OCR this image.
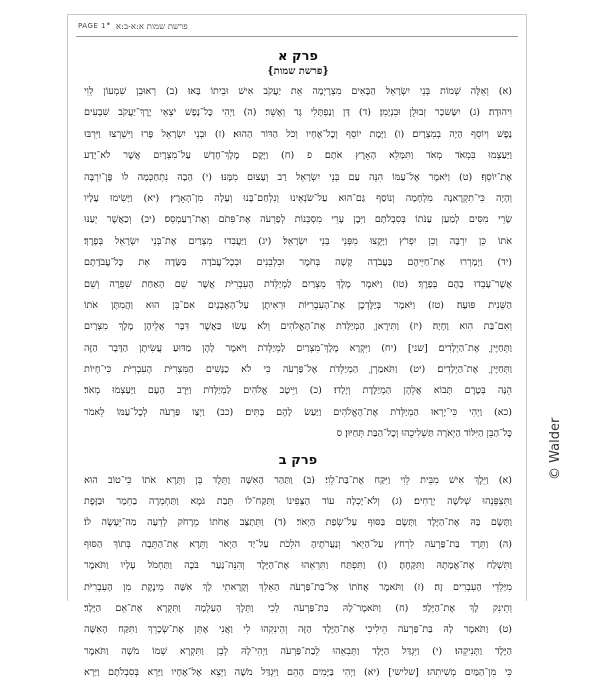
PAGE 1 • פרשת שמות א:א-ב:א
פרק א
{פרשת שמות}
(א) וְאֵלֶּה שְׁמוֹת בְּנֵי יִשְׂרָאֵל הַבָּאִים מִצְרָיְמָה אֵת יַעֲקֹב אִישׁ וּבֵיתוֹ בָּאוּ׃ (ב) רְאוּבֵן שִׁמְעוֹן לֵוִי
וִיהוּדָה׃ (ג) יִשָּׂשכָר זְבוּלֻן וּבִנְיָמִן׃ (ד) דָּן וְנַפְתָּלִי גָּד וְאָשֵׁר׃ (ה) וַיְהִי כׇּל־נֶפֶשׁ יֹצְאֵי יֶרֶךְ־יַעֲקֹב שִׁבְעִים
נָפֶשׁ וְיוֹסֵף הָיָה בְמִצְרָיִם׃ (ו) וַיָּמׇת יוֹסֵף וְכׇל־אֶחָיו וְכֹל הַדּוֹר הַהוּא׃ (ז) וּבְנֵי יִשְׂרָאֵל פָּרוּ וַיִּשְׁרְצוּ וַיִּרְבּוּ
וַיַּעַצְמוּ בִּמְאֹד מְאֹד וַתִּמָּלֵא הָאָרֶץ אֹתָם׃ פ (ח) וַיָּקׇם מֶלֶךְ־חָדָשׁ עַל־מִצְרָיִם אֲשֶׁר לֹא־יָדַע
אֶת־יוֹסֵף׃ (ט) וַיֹּאמֶר אֶל־עַמּוֹ הִנֵּה עַם בְּנֵי יִשְׂרָאֵל רַב וְעָצוּם מִמֶּנּוּ׃ (י) הָבָה נִתְחַכְּמָה לוֹ פֶּן־יִרְבֶּה
וְהָיָה כִּי־תִקְרֶאנָה מִלְחָמָה וְנוֹסַף גַּם־הוּא עַל־שֹׂנְאֵינוּ וְנִלְחַם־בָּנוּ וְעָלָה מִן־הָאָרֶץ׃ (יא) וַיָּשִׂימוּ עָלָיו
שָׂרֵי מִסִּים לְמַעַן עַנֹּתוֹ בְּסִבְלֹתָם וַיִּבֶן עָרֵי מִסְכְּנוֹת לְפַרְעֹה אֶת־פִּתֹם וְאֶת־רַעַמְסֵס׃ (יב) וְכַאֲשֶׁר יְעַנּוּ
אֹתוֹ כֵּן יִרְבֶּה וְכֵן יִפְרֹץ וַיָּקֻצוּ מִפְּנֵי בְּנֵי יִשְׂרָאֵל׃ (יג) וַיַּעֲבִדוּ מִצְרַיִם אֶת־בְּנֵי יִשְׂרָאֵל בְּפָרֶךְ׃
(יד) וַיְמָרְרוּ אֶת־חַיֵּיהֶם בַּעֲבֹדָה קָשָׁה בְּחֹמֶר וּבִלְבֵנִים וּבְכׇל־עֲבֹדָה בַּשָּׂדֶה אֵת כׇּל־עֲבֹדָתָם
אֲשֶׁר־עָבְדוּ בָהֶם בְּפָרֶךְ׃ (טו) וַיֹּאמֶר מֶלֶךְ מִצְרַיִם לַמְיַלְּדֹת הָעִבְרִיֹּת אֲשֶׁר שֵׁם הָאַחַת שִׁפְרָה וְשֵׁם
הַשֵּׁנִית פּוּעָה׃ (טז) וַיֹּאמֶר בְּיַלֶּדְכֶן אֶת־הָעִבְרִיּוֹת וּרְאִיתֶן עַל־הָאׇבְנָיִם אִם־בֵּן הוּא וַהֲמִתֶּן אֹתוֹ
וְאִם־בַּת הִוא וָחָיָה׃ (יז) וַתִּירֶאןָ הַמְיַלְּדֹת אֶת־הָאֱלֹהִים וְלֹא עָשׂוּ כַּאֲשֶׁר דִּבֶּר אֲלֵיהֶן מֶלֶךְ מִצְרָיִם
וַתְּחַיֶּיןָ אֶת־הַיְלָדִים׃ [שני] (יח) וַיִּקְרָא מֶלֶךְ־מִצְרַיִם לַמְיַלְּדֹת וַיֹּאמֶר לָהֶן מַדּוּעַ עֲשִׂיתֶן הַדָּבָר הַזֶּה
וַתְּחַיֶּיןָ אֶת־הַיְלָדִים׃ (יט) וַתֹּאמַרְןָ הַמְיַלְּדֹת אֶל־פַּרְעֹה כִּי לֹא כַנָּשִׁים הַמִּצְרִיֹּת הָעִבְרִיֹּת כִּי־חָיוֹת
הֵנָּה בְּטֶרֶם תָּבוֹא אֲלֵהֶן הַמְיַלֶּדֶת וְיָלָדוּ׃ (כ) וַיֵּיטֶב אֱלֹהִים לַמְיַלְּדֹת וַיִּרֶב הָעָם וַיַּעַצְמוּ מְאֹד׃
(כא) וַיְהִי כִּי־יָרְאוּ הַמְיַלְּדֹת אֶת־הָאֱלֹהִים וַיַּעַשׂ לָהֶם בָּתִּים׃ (כב) וַיְצַו פַּרְעֹה לְכׇל־עַמּוֹ לֵאמֹר
כׇּל־הַבֵּן הַיִּלּוֹד הַיְאֹרָה תַּשְׁלִיכֻהוּ וְכׇל־הַבַּת תְּחַיּוּן׃ ס
פרק ב
(א) וַיֵּלֶךְ אִישׁ מִבֵּית לֵוִי וַיִּקַּח אֶת־בַּת־לֵוִי׃ (ב) וַתַּהַר הָאִשָּׁה וַתֵּלֶד בֵּן וַתֵּרֶא אֹתוֹ כִּי־טוֹב הוּא
וַתִּצְפְּנֵהוּ שְׁלֹשָׁה יְרָחִים׃ (ג) וְלֹא־יָכְלָה עוֹד הַצְּפִינוֹ וַתִּקַּח־לוֹ תֵּבַת גֹּמֶא וַתַּחְמְרָה בַחֵמָר וּבַזָּפֶת
וַתָּשֶׂם בָּהּ אֶת־הַיֶּלֶד וַתָּשֶׂם בַּסּוּף עַל־שְׂפַת הַיְאֹר׃ (ד) וַתֵּתַצַּב אֲחֹתוֹ מֵרָחֹק לְדֵעָה מַה־יֵּעָשֶׂה לוֹ׃
(ה) וַתֵּרֶד בַּת־פַּרְעֹה לִרְחֹץ עַל־הַיְאֹר וְנַעֲרֹתֶיהָ הֹלְכֹת עַל־יַד הַיְאֹר וַתֵּרֶא אֶת־הַתֵּבָה בְּתוֹךְ הַסּוּף
וַתִּשְׁלַח אֶת־אֲמָתָהּ וַתִּקָּחֶהָ׃ (ו) וַתִּפְתַּח וַתִּרְאֵהוּ אֶת־הַיֶּלֶד וְהִנֵּה־נַעַר בֹּכֶה וַתַּחְמֹל עָלָיו וַתֹּאמֶר
מִיַּלְדֵי הָעִבְרִים זֶה׃ (ז) וַתֹּאמֶר אֲחֹתוֹ אֶל־בַּת־פַּרְעֹה הַאֵלֵךְ וְקָרָאתִי לָךְ אִשָּׁה מֵינֶקֶת מִן הָעִבְרִיֹּת
וְתֵינִק לָךְ אֶת־הַיָּלֶד׃ (ח) וַתֹּאמֶר־לָהּ בַּת־פַּרְעֹה לֵכִי וַתֵּלֶךְ הָעַלְמָה וַתִּקְרָא אֶת־אֵם הַיָּלֶד׃
(ט) וַתֹּאמֶר לָהּ בַּת־פַּרְעֹה הֵילִיכִי אֶת־הַיֶּלֶד הַזֶּה וְהֵינִקִהוּ לִי וַאֲנִי אֶתֵּן אֶת־שְׂכָרֵךְ וַתִּקַּח הָאִשָּׁה
הַיֶּלֶד וַתְּנִיקֵהוּ׃ (י) וַיִּגְדַּל הַיֶּלֶד וַתְּבִאֵהוּ לְבַת־פַּרְעֹה וַיְהִי־לָהּ לְבֵן וַתִּקְרָא שְׁמוֹ מֹשֶׁה וַתֹּאמֶר
כִּי מִן־הַמַּיִם מְשִׁיתִהוּ׃ [שלישי] (יא) וַיְהִי בַּיָּמִים הָהֵם וַיִּגְדַּל מֹשֶׁה וַיֵּצֵא אֶל־אֶחָיו וַיַּרְא בְּסִבְלֹתָם וַיַּרְא
© Walder
